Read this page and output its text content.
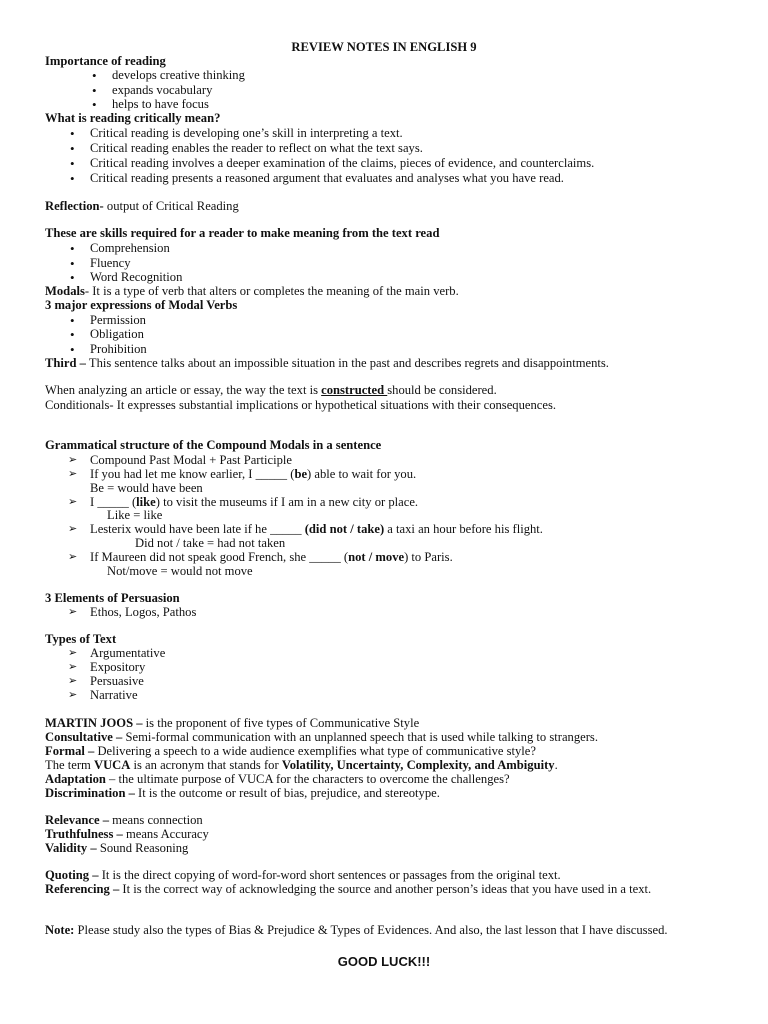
REVIEW NOTES IN ENGLISH 9
Importance of reading
• develops creative thinking
• expands vocabulary
• helps to have focus
What is reading critically mean?
• Critical reading is developing one’s skill in interpreting a text.
• Critical reading enables the reader to reflect on what the text says.
• Critical reading involves a deeper examination of the claims, pieces of evidence, and counterclaims.
• Critical reading presents a reasoned argument that evaluates and analyses what you have read.
Reflection- output of Critical Reading
These are skills required for a reader to make meaning from the text read
• Comprehension
• Fluency
• Word Recognition
Modals- It is a type of verb that alters or completes the meaning of the main verb.
3 major expressions of Modal Verbs
• Permission
• Obligation
• Prohibition
Third – This sentence talks about an impossible situation in the past and describes regrets and disappointments.
When analyzing an article or essay, the way the text is constructed should be considered.
Conditionals- It expresses substantial implications or hypothetical situations with their consequences.
Grammatical structure of the Compound Modals in a sentence
➢ Compound Past Modal + Past Participle
➢ If you had let me know earlier, I _____ (be) able to wait for you.
Be = would have been
➢ I _____ (like) to visit the museums if I am in a new city or place.
Like = like
➢ Lesterix would have been late if he _____ (did not / take) a taxi an hour before his flight.
Did not / take = had not taken
➢ If Maureen did not speak good French, she _____ (not / move) to Paris.
Not/move = would not move
3 Elements of Persuasion
➢ Ethos, Logos, Pathos
Types of Text
➢ Argumentative
➢ Expository
➢ Persuasive
➢ Narrative
MARTIN JOOS – is the proponent of five types of Communicative Style
Consultative – Semi-formal communication with an unplanned speech that is used while talking to strangers.
Formal – Delivering a speech to a wide audience exemplifies what type of communicative style?
The term VUCA is an acronym that stands for Volatility, Uncertainty, Complexity, and Ambiguity.
Adaptation – the ultimate purpose of VUCA for the characters to overcome the challenges?
Discrimination – It is the outcome or result of bias, prejudice, and stereotype.
Relevance – means connection
Truthfulness – means Accuracy
Validity – Sound Reasoning
Quoting – It is the direct copying of word-for-word short sentences or passages from the original text.
Referencing – It is the correct way of acknowledging the source and another person’s ideas that you have used in a text.
Note: Please study also the types of Bias & Prejudice & Types of Evidences. And also, the last lesson that I have discussed.
GOOD LUCK!!!
